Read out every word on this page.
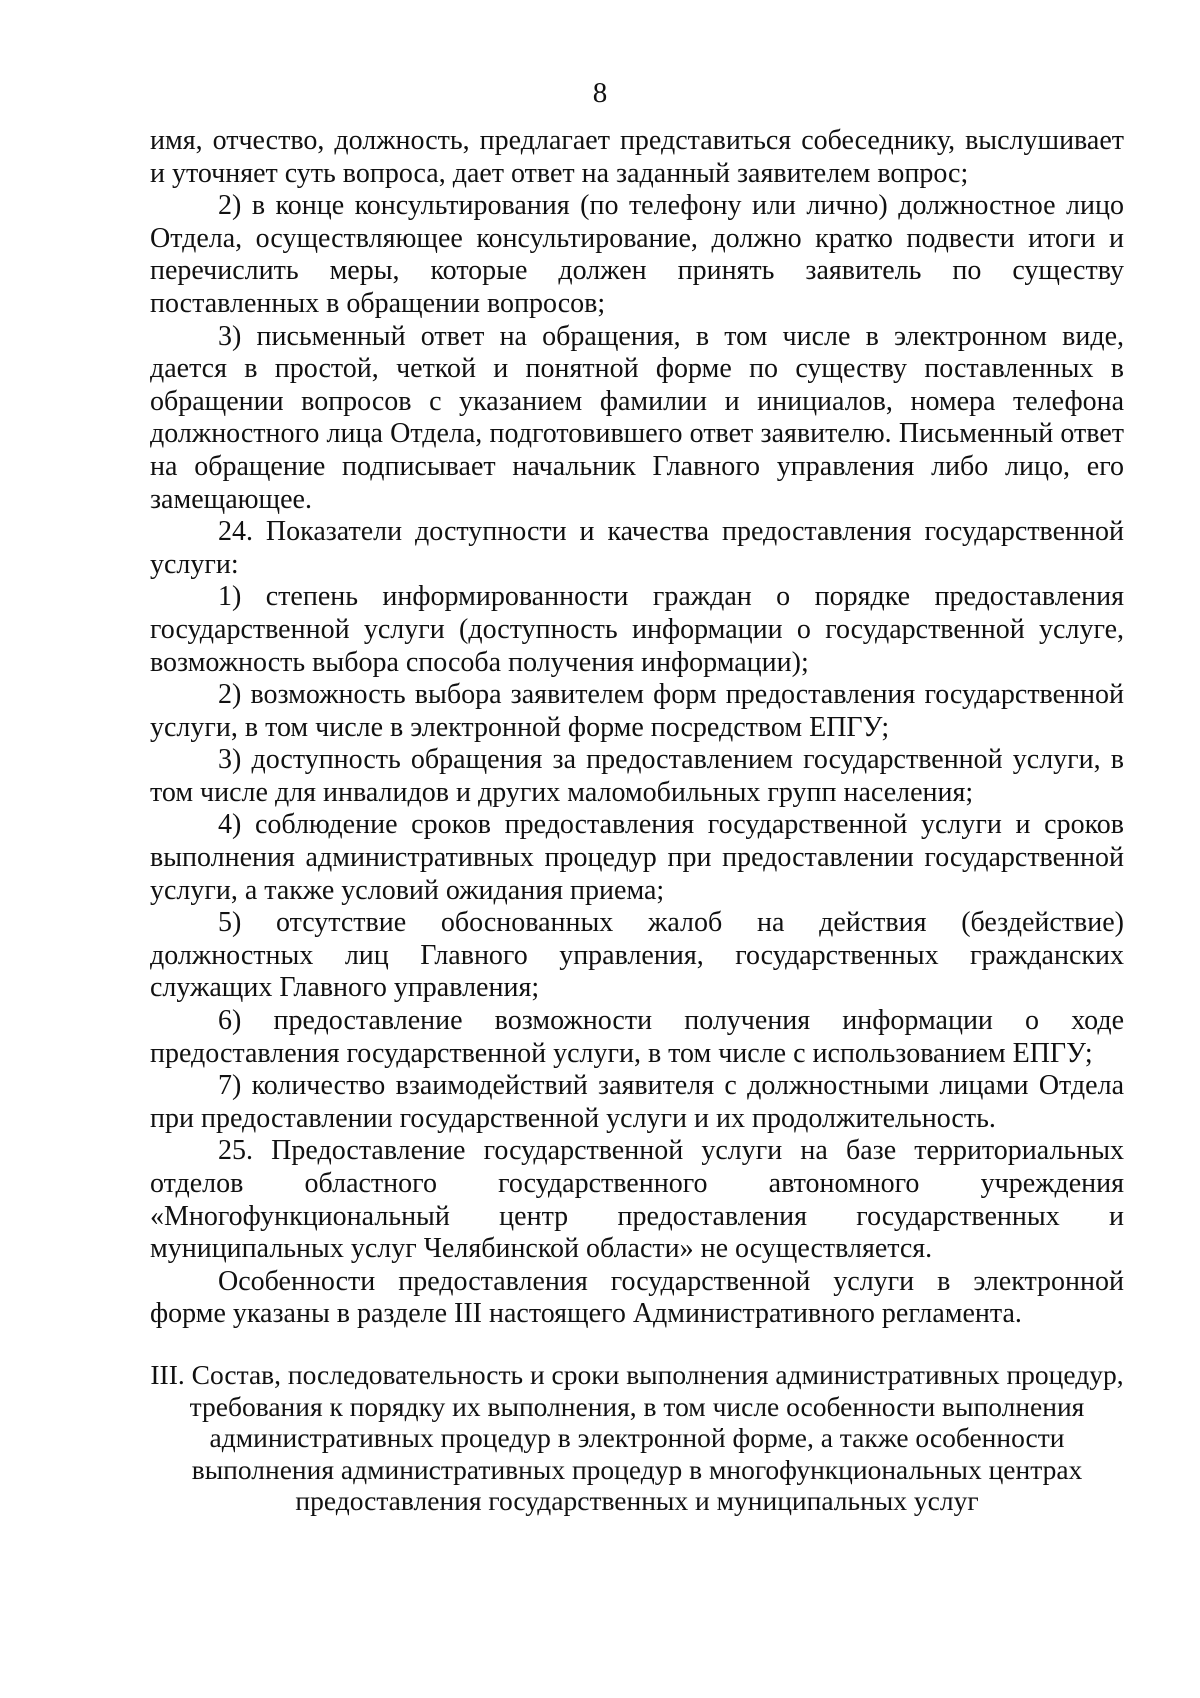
8

имя, отчество, должность, предлагает представиться собеседнику, выслушивает и уточняет суть вопроса, дает ответ на заданный заявителем вопрос;

2) в конце консультирования (по телефону или лично) должностное лицо Отдела, осуществляющее консультирование, должно кратко подвести итоги и перечислить меры, которые должен принять заявитель по существу поставленных в обращении вопросов;

3) письменный ответ на обращения, в том числе в электронном виде, дается в простой, четкой и понятной форме по существу поставленных в обращении вопросов с указанием фамилии и инициалов, номера телефона должностного лица Отдела, подготовившего ответ заявителю. Письменный ответ на обращение подписывает начальник Главного управления либо лицо, его замещающее.

24. Показатели доступности и качества предоставления государственной услуги:

1) степень информированности граждан о порядке предоставления государственной услуги (доступность информации о государственной услуге, возможность выбора способа получения информации);

2) возможность выбора заявителем форм предоставления государственной услуги, в том числе в электронной форме посредством ЕПГУ;

3) доступность обращения за предоставлением государственной услуги, в том числе для инвалидов и других маломобильных групп населения;

4) соблюдение сроков предоставления государственной услуги и сроков выполнения административных процедур при предоставлении государственной услуги, а также условий ожидания приема;

5) отсутствие обоснованных жалоб на действия (бездействие) должностных лиц Главного управления, государственных гражданских служащих Главного управления;

6) предоставление возможности получения информации о ходе предоставления государственной услуги, в том числе с использованием ЕПГУ;

7) количество взаимодействий заявителя с должностными лицами Отдела при предоставлении государственной услуги и их продолжительность.

25. Предоставление государственной услуги на базе территориальных отделов областного государственного автономного учреждения «Многофункциональный центр предоставления государственных и муниципальных услуг Челябинской области» не осуществляется.

Особенности предоставления государственной услуги в электронной форме указаны в разделе III настоящего Административного регламента.

III. Состав, последовательность и сроки выполнения административных процедур, требования к порядку их выполнения, в том числе особенности выполнения административных процедур в электронной форме, а также особенности выполнения административных процедур в многофункциональных центрах предоставления государственных и муниципальных услуг
